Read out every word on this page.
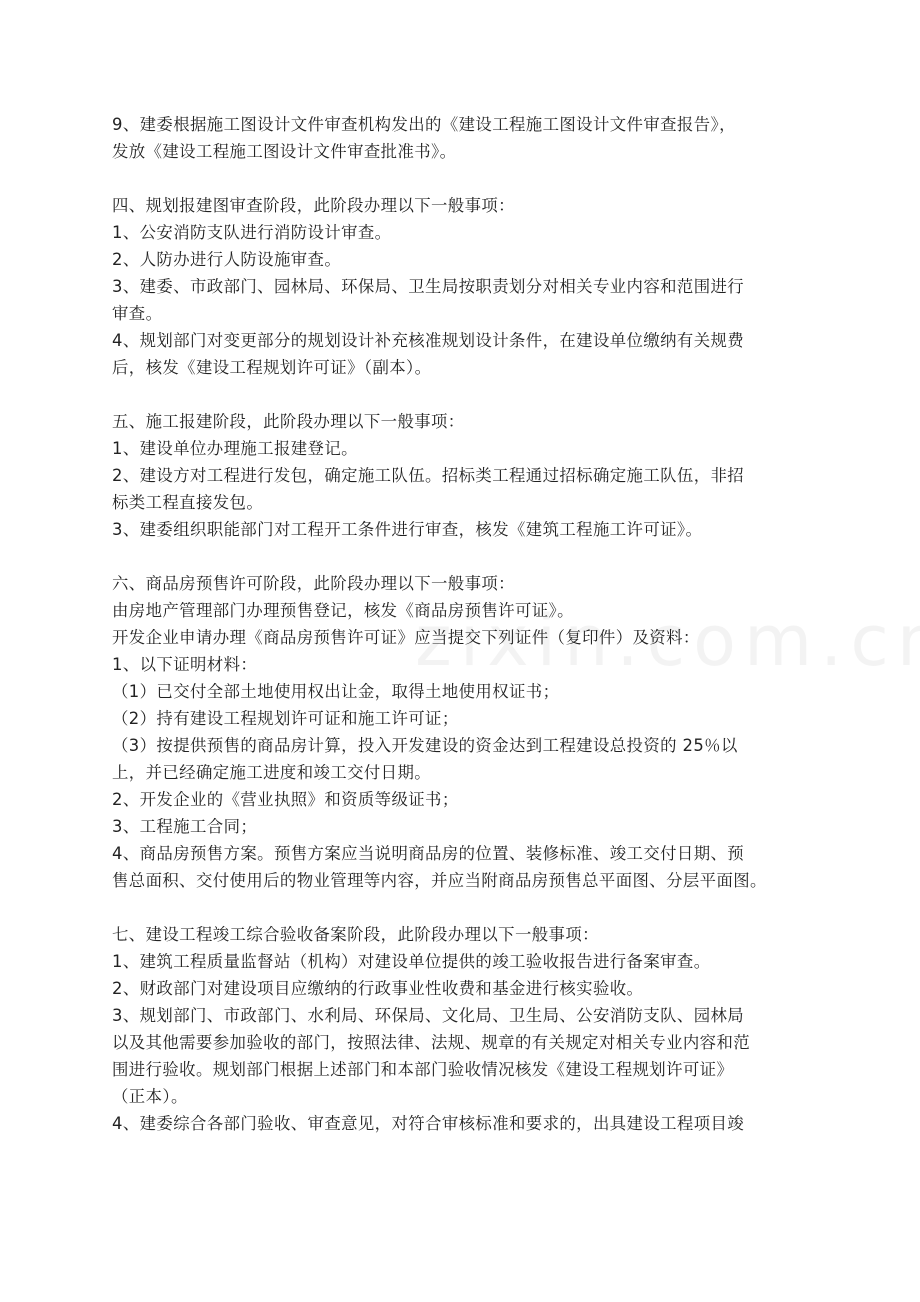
9、建委根据施工图设计文件审查机构发出的《建设工程施工图设计文件审查报告》，
发放《建设工程施工图设计文件审查批准书》。
四、规划报建图审查阶段，此阶段办理以下一般事项：
1、公安消防支队进行消防设计审查。
2、人防办进行人防设施审查。
3、建委、市政部门、园林局、环保局、卫生局按职责划分对相关专业内容和范围进行
审查。
4、规划部门对变更部分的规划设计补充核准规划设计条件，在建设单位缴纳有关规费
后，核发《建设工程规划许可证》（副本）。
五、施工报建阶段，此阶段办理以下一般事项：
1、建设单位办理施工报建登记。
2、建设方对工程进行发包，确定施工队伍。招标类工程通过招标确定施工队伍，非招
标类工程直接发包。
3、建委组织职能部门对工程开工条件进行审查，核发《建筑工程施工许可证》。
六、商品房预售许可阶段，此阶段办理以下一般事项：
由房地产管理部门办理预售登记，核发《商品房预售许可证》。
开发企业申请办理《商品房预售许可证》应当提交下列证件（复印件）及资料：
1、以下证明材料：
（1）已交付全部土地使用权出让金，取得土地使用权证书；
（2）持有建设工程规划许可证和施工许可证；
（3）按提供预售的商品房计算，投入开发建设的资金达到工程建设总投资的 25％以
上，并已经确定施工进度和竣工交付日期。
2、开发企业的《营业执照》和资质等级证书；
3、工程施工合同；
4、商品房预售方案。预售方案应当说明商品房的位置、装修标准、竣工交付日期、预
售总面积、交付使用后的物业管理等内容，并应当附商品房预售总平面图、分层平面图。
七、建设工程竣工综合验收备案阶段，此阶段办理以下一般事项：
1、建筑工程质量监督站（机构）对建设单位提供的竣工验收报告进行备案审查。
2、财政部门对建设项目应缴纳的行政事业性收费和基金进行核实验收。
3、规划部门、市政部门、水利局、环保局、文化局、卫生局、公安消防支队、园林局
以及其他需要参加验收的部门，按照法律、法规、规章的有关规定对相关专业内容和范
围进行验收。规划部门根据上述部门和本部门验收情况核发《建设工程规划许可证》
（正本）。
4、建委综合各部门验收、审查意见，对符合审核标准和要求的，出具建设工程项目竣
